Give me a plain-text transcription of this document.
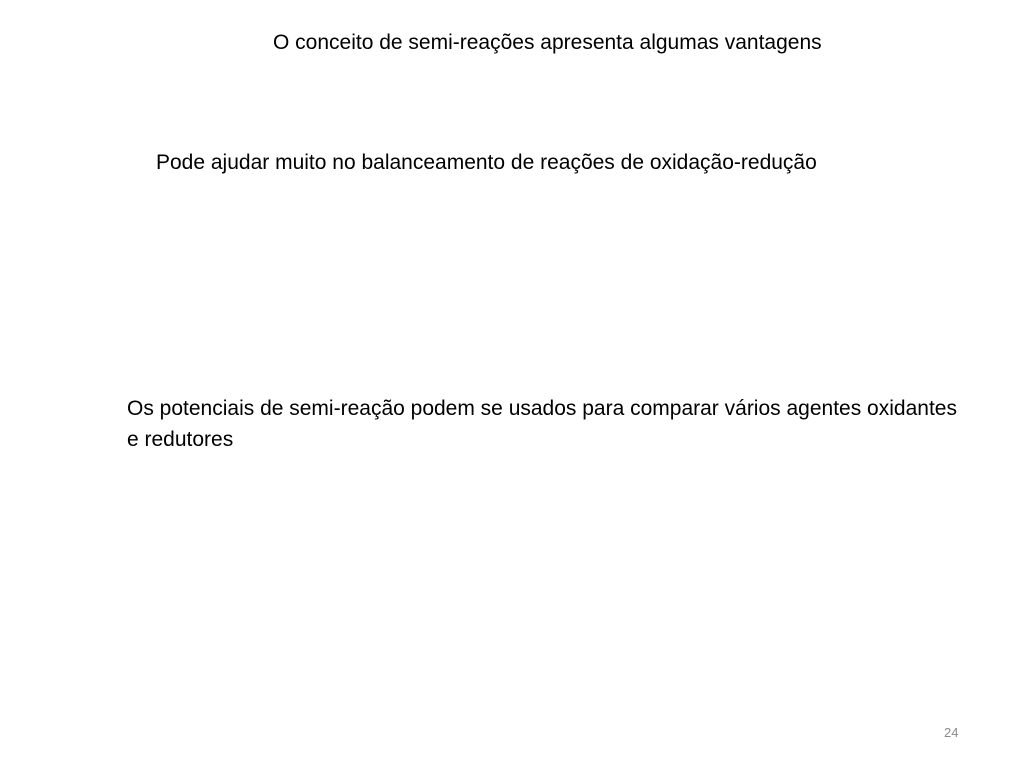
O conceito de semi-reações apresenta algumas vantagens
Pode ajudar muito no balanceamento de reações de oxidação-redução
Os potenciais de semi-reação podem se usados para comparar vários agentes oxidantes e redutores
24
